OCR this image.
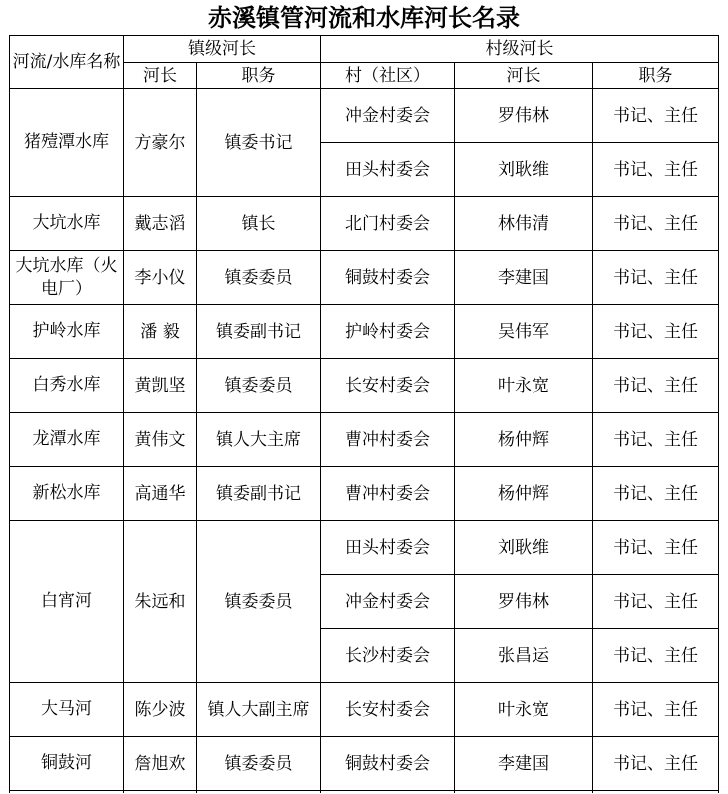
赤溪镇管河流和水库河长名录
河流/水库名称	镇级河长		村级河长		
	河长	职务	村（社区）	河长	职务
猪殪潭水库	方豪尔	镇委书记	冲金村委会	罗伟林	书记、主任
			田头村委会	刘耿维	书记、主任
大坑水库	戴志滔	镇长	北门村委会	林伟清	书记、主任
大坑水库（火电厂）	李小仪	镇委委员	铜鼓村委会	李建国	书记、主任
护岭水库	潘 毅	镇委副书记	护岭村委会	吴伟军	书记、主任
白秀水库	黄凯坚	镇委委员	长安村委会	叶永宽	书记、主任
龙潭水库	黄伟文	镇人大主席	曹冲村委会	杨仲辉	书记、主任
新松水库	高通华	镇委副书记	曹冲村委会	杨仲辉	书记、主任
白宵河	朱远和	镇委委员	田头村委会	刘耿维	书记、主任
			冲金村委会	罗伟林	书记、主任
			长沙村委会	张昌运	书记、主任
大马河	陈少波	镇人大副主席	长安村委会	叶永宽	书记、主任
铜鼓河	詹旭欢	镇委委员	铜鼓村委会	李建国	书记、主任
